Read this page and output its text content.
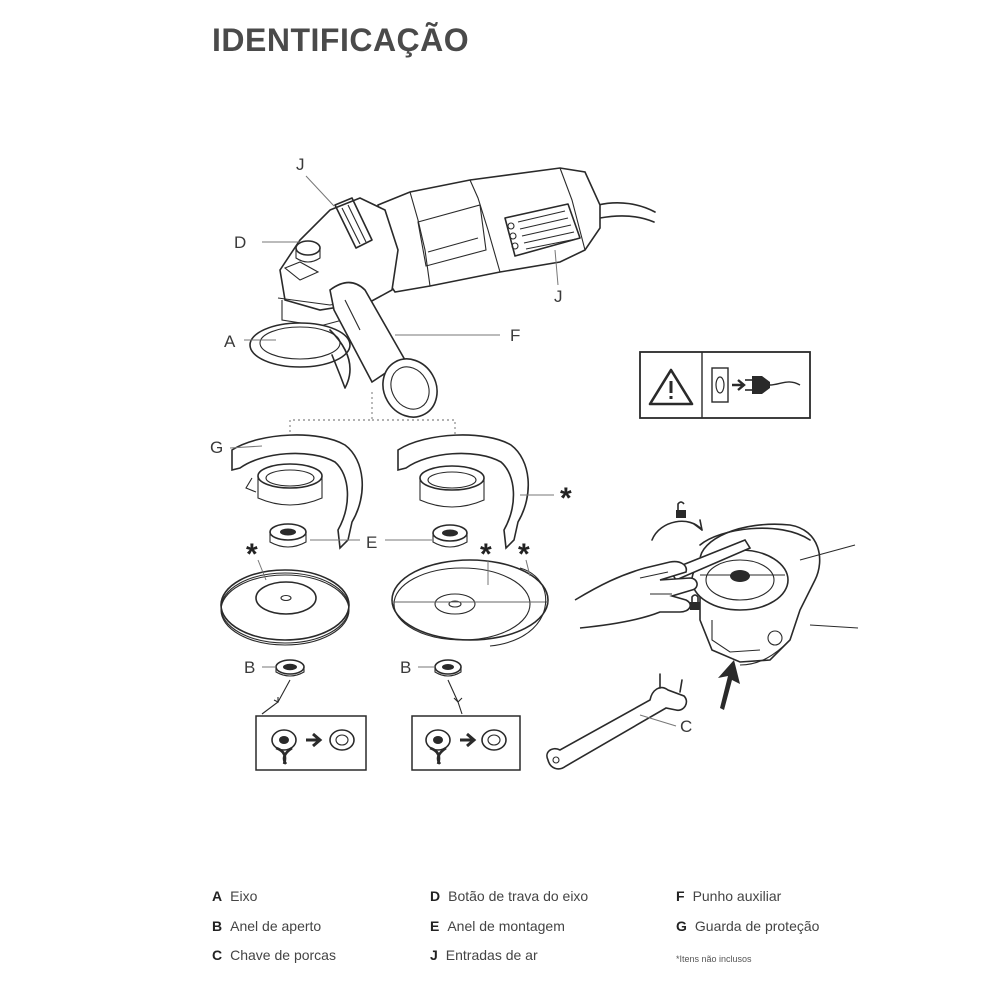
IDENTIFICAÇÃO
J
D
A	F
J
G
E
B	B
*	* *
*
C
A Eixo
B Anel de aperto
C Chave de porcas
D Botão de trava do eixo
E Anel de montagem
J Entradas de ar
F Punho auxiliar
G Guarda de proteção
*Itens não inclusos
